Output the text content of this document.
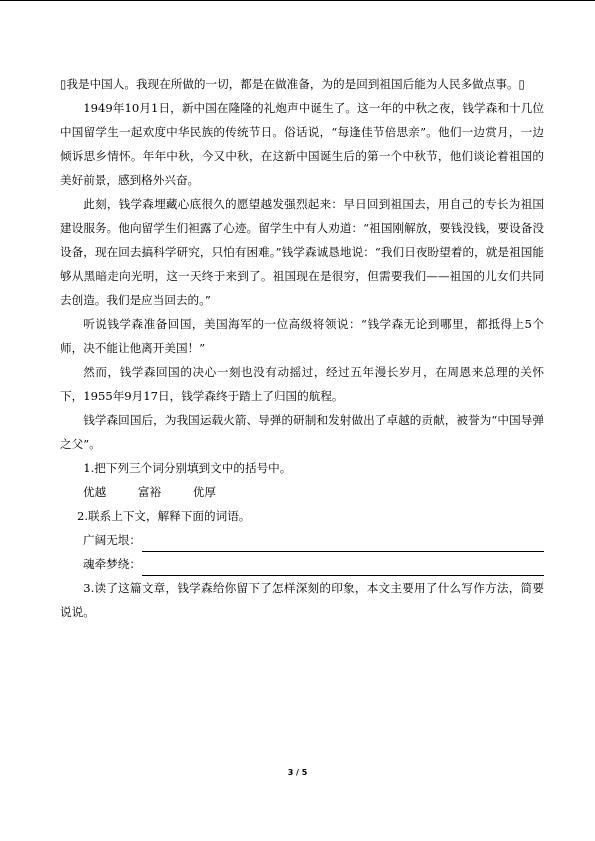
▯我是中国人。我现在所做的一切，都是在做准备，为的是回到祖国后能为人民多做点事。▯

1949年10月1日，新中国在隆隆的礼炮声中诞生了。这一年的中秋之夜，钱学森和十几位中国留学生一起欢度中华民族的传统节日。俗话说，“每逢佳节倍思亲”。他们一边赏月，一边倾诉思乡情怀。年年中秋，今又中秋，在这新中国诞生后的第一个中秋节，他们谈论着祖国的美好前景，感到格外兴奋。

此刻，钱学森埋藏心底很久的愿望越发强烈起来：早日回到祖国去，用自己的专长为祖国建设服务。他向留学生们袒露了心迹。留学生中有人劝道：“祖国刚解放，要钱没钱，要设备没设备，现在回去搞科学研究，只怕有困难。”钱学森诚恳地说：“我们日夜盼望着的，就是祖国能够从黑暗走向光明，这一天终于来到了。祖国现在是很穷，但需要我们——祖国的儿女们共同去创造。我们是应当回去的。”

听说钱学森准备回国，美国海军的一位高级将领说：“钱学森无论到哪里，都抵得上5个师，决不能让他离开美国！”

然而，钱学森回国的决心一刻也没有动摇过，经过五年漫长岁月，在周恩来总理的关怀下，1955年9月17日，钱学森终于踏上了归国的航程。

钱学森回国后，为我国运载火箭、导弹的研制和发射做出了卓越的贡献，被誉为“中国导弹之父”。

1.把下列三个词分别填到文中的括号中。

优越	富裕	优厚

2.联系上下文，解释下面的词语。

广阔无垠：
魂牵梦绕：

3.读了这篇文章，钱学森给你留下了怎样深刻的印象，本文主要用了什么写作方法，简要说说。

3 / 5
